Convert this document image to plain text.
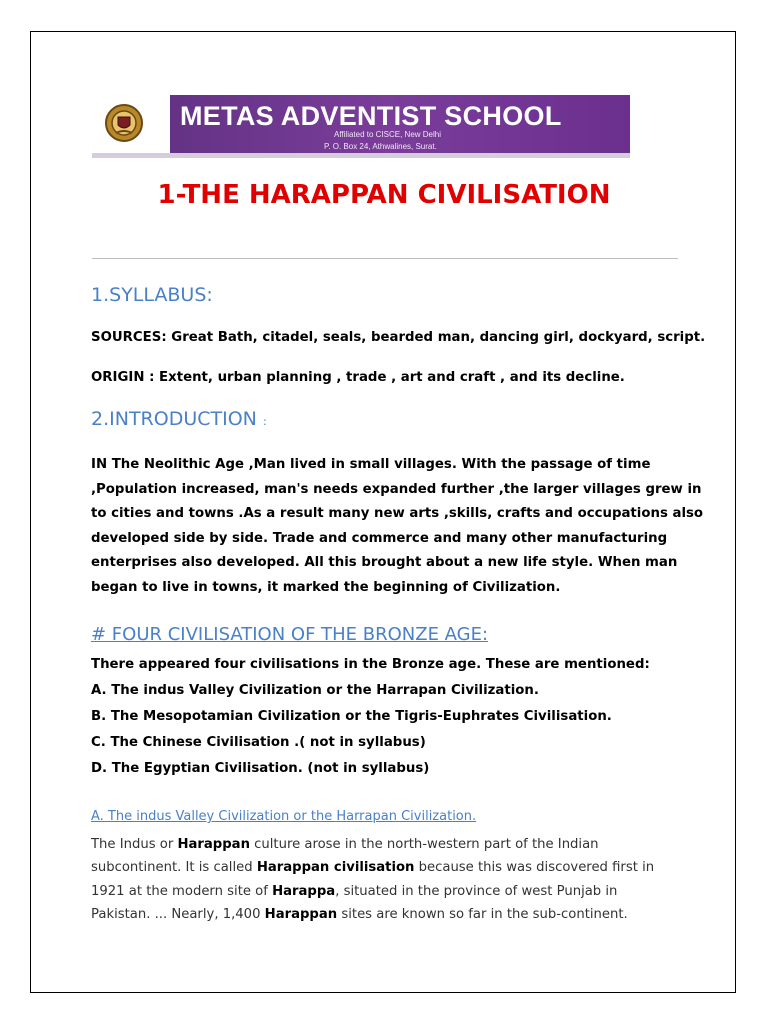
METAS ADVENTIST SCHOOL
Affiliated to CISCE, New Delhi
P. O. Box 24, Athwalines, Surat.
1-THE HARAPPAN CIVILISATION
1.SYLLABUS:
SOURCES: Great Bath, citadel, seals, bearded man, dancing girl, dockyard, script.
ORIGIN : Extent, urban planning , trade , art and craft , and its decline.
2.INTRODUCTION :
IN The Neolithic Age ,Man lived in small villages. With the passage of time
,Population increased, man's needs expanded further ,the larger villages grew in
to cities and towns .As a result many new arts ,skills, crafts and occupations also
developed side by side. Trade and commerce and many other manufacturing
enterprises also developed. All this brought about a new life style. When man
began to live in towns, it marked the beginning of Civilization.
# FOUR CIVILISATION OF THE BRONZE AGE:
There appeared four civilisations in the Bronze age. These are mentioned:
A. The indus Valley Civilization or the Harrapan Civilization.
B. The Mesopotamian Civilization or the Tigris-Euphrates Civilisation.
C. The Chinese Civilisation .( not in syllabus)
D. The Egyptian Civilisation. (not in syllabus)
A. The indus Valley Civilization or the Harrapan Civilization.
The Indus or Harappan culture arose in the north-western part of the Indian
subcontinent. It is called Harappan civilisation because this was discovered first in
1921 at the modern site of Harappa, situated in the province of west Punjab in
Pakistan. ... Nearly, 1,400 Harappan sites are known so far in the sub-continent.
